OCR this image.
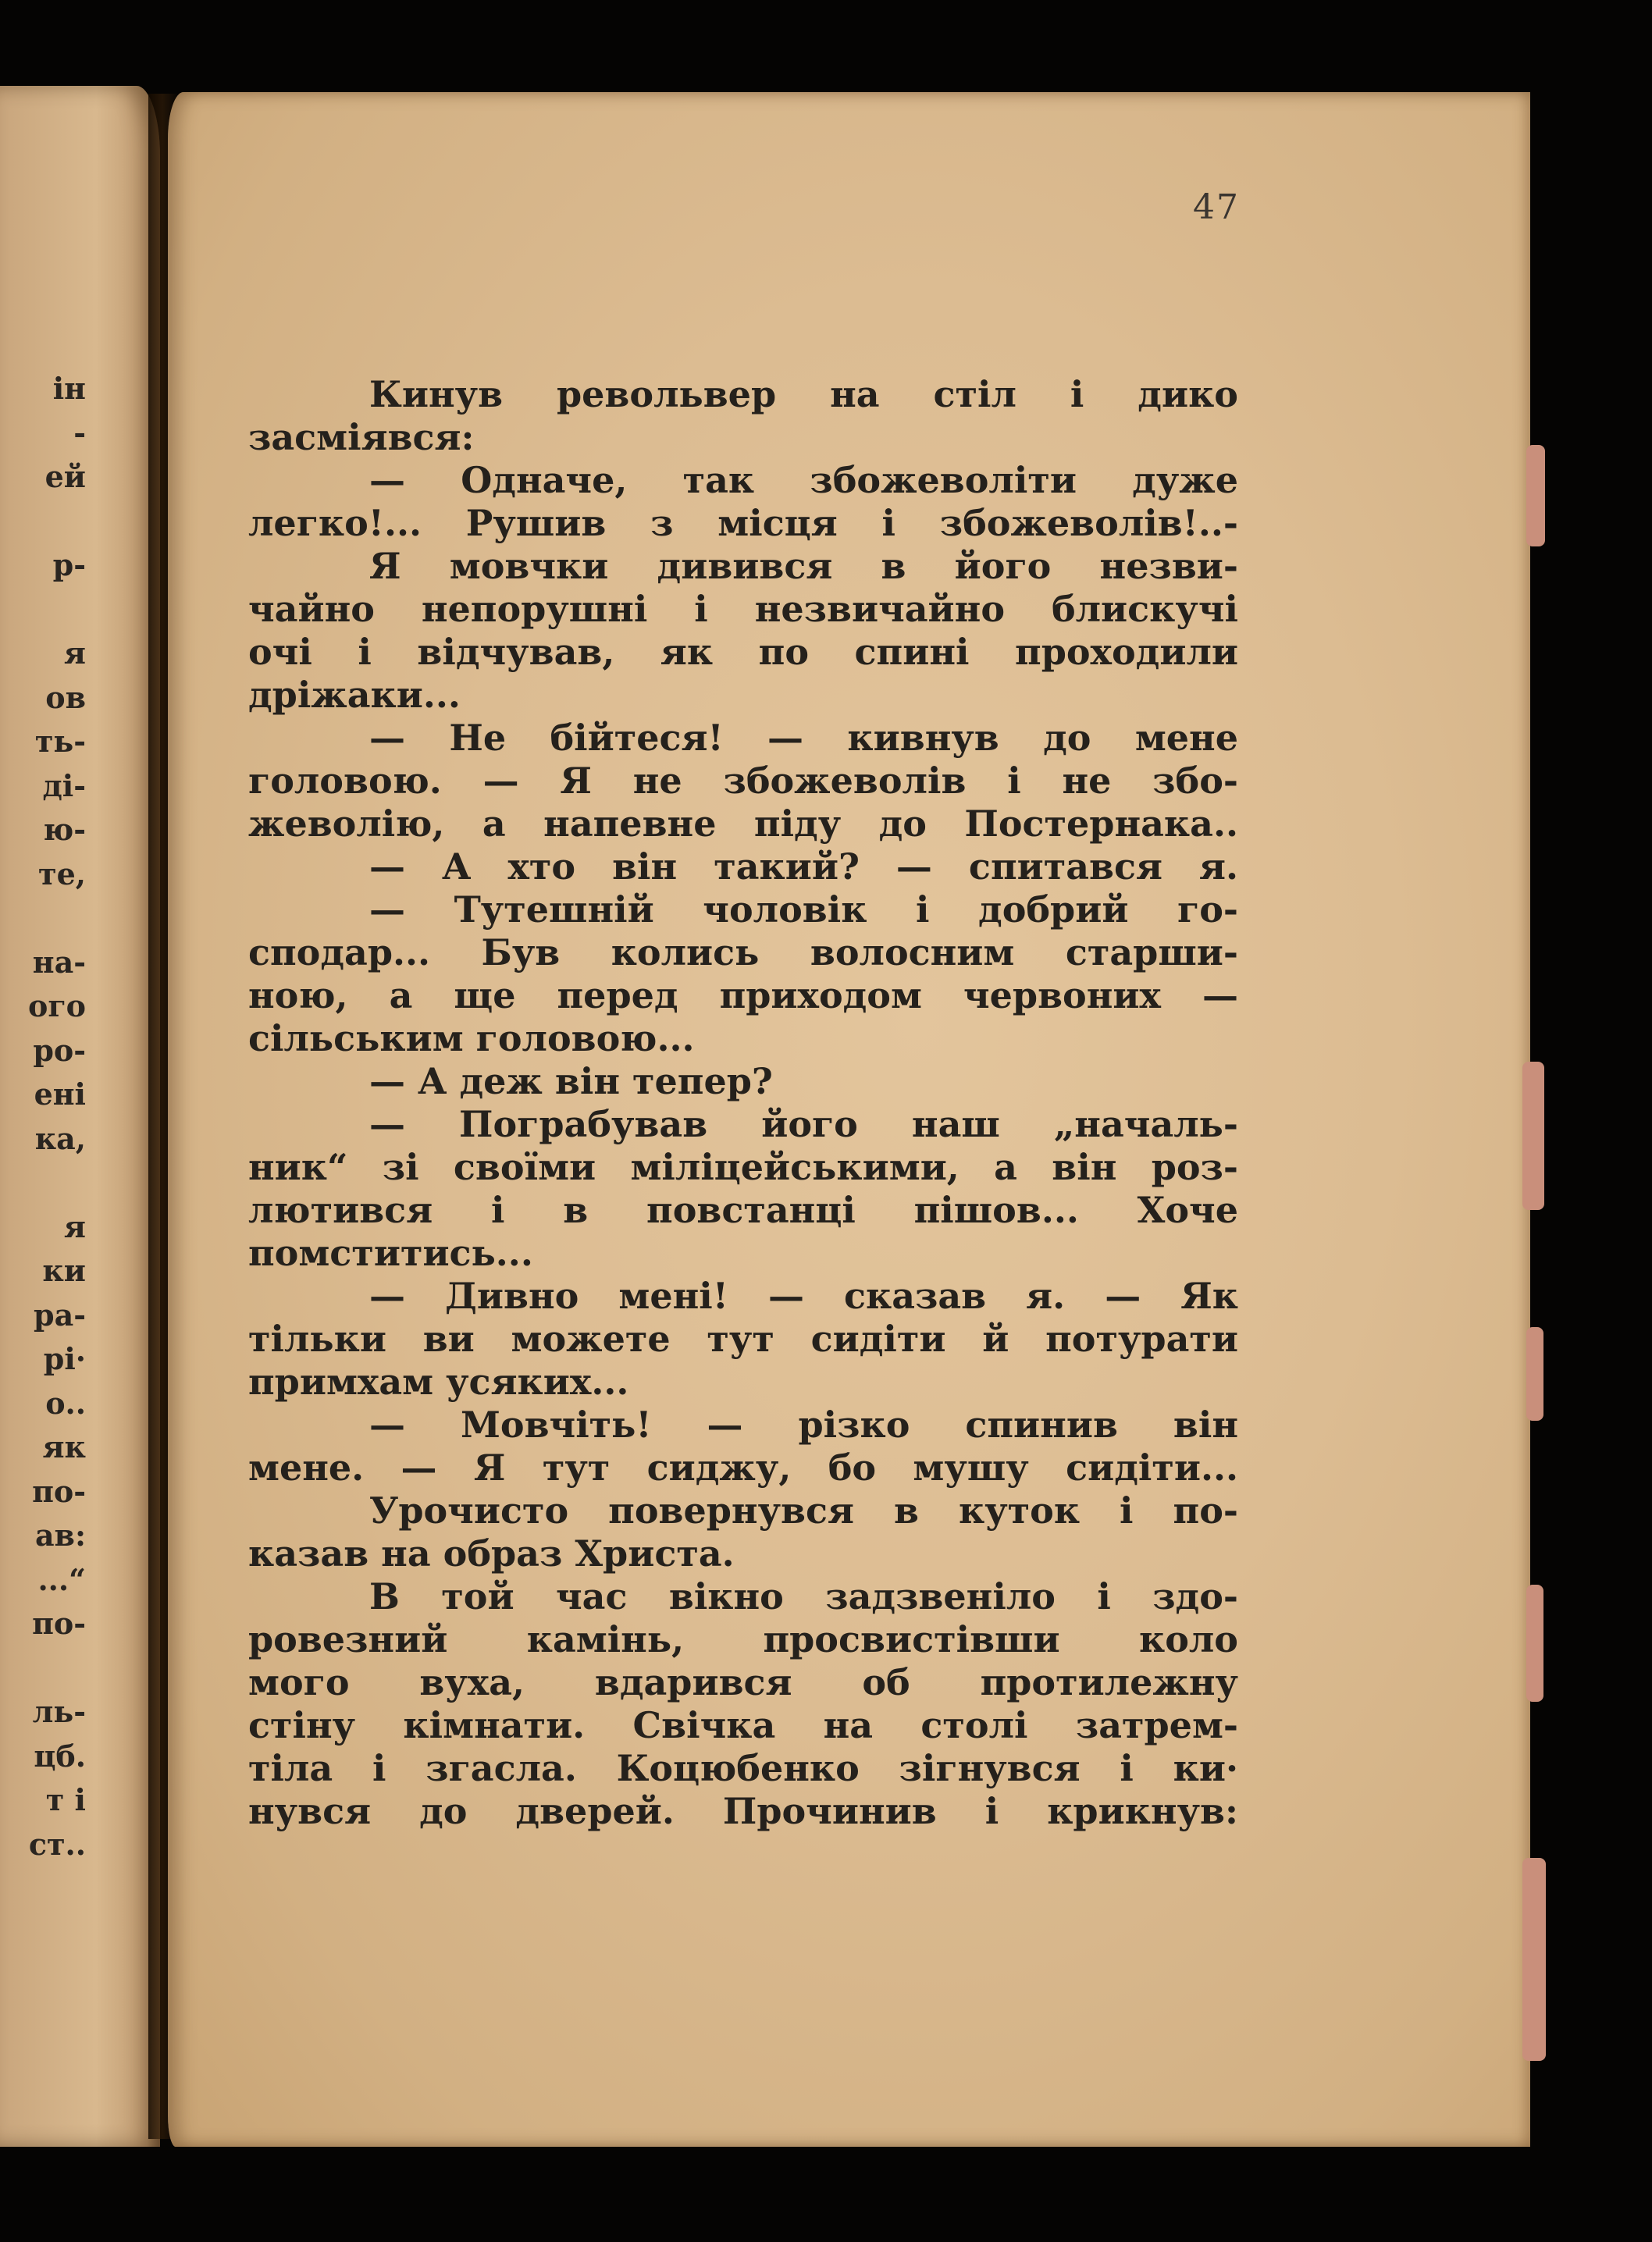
ін
-
ей
р-
я
ов
ть-
ді-
ю-
те,
на-
ого
ро-
ені
ка,
я
ки
ра-
рі·
о..
як
по-
ав:
...“
по-
ль-
цб.
т і
ст..
47
Кинув револьвер на стіл і дико
засміявся:
— Одначе, так збожеволіти дуже
легко!... Рушив з місця і збожеволів!..-
Я мовчки дивився в його незви-
чайно непорушні і незвичайно блискучі
очі і відчував, як по спині проходили
дріжаки...
— Не бійтеся! — кивнув до мене
головою. — Я не збожеволів і не збо-
жеволію, а напевне піду до Постернака..
— А хто він такий? — спитався я.
— Тутешній чоловік і добрий го-
сподар... Був колись волосним старши-
ною, а ще перед приходом червоних —
сільським головою...
— А деж він тепер?
— Пограбував його наш „началь-
ник“ зі своїми міліцейськими, а він роз-
лютився і в повстанці пішов... Хоче
помститись...
— Дивно мені! — сказав я. — Як
тільки ви можете тут сидіти й потурати
примхам усяких...
— Мовчіть! — різко спинив він
мене. — Я тут сиджу, бо мушу сидіти...
Урочисто повернувся в куток і по-
казав на образ Христа.
В той час вікно задзвеніло і здо-
ровезний камінь, просвистівши коло
мого вуха, вдарився об протилежну
стіну кімнати. Свічка на столі затрем-
тіла і згасла. Коцюбенко зігнувся і ки·
нувся до дверей. Прочинив і крикнув:
